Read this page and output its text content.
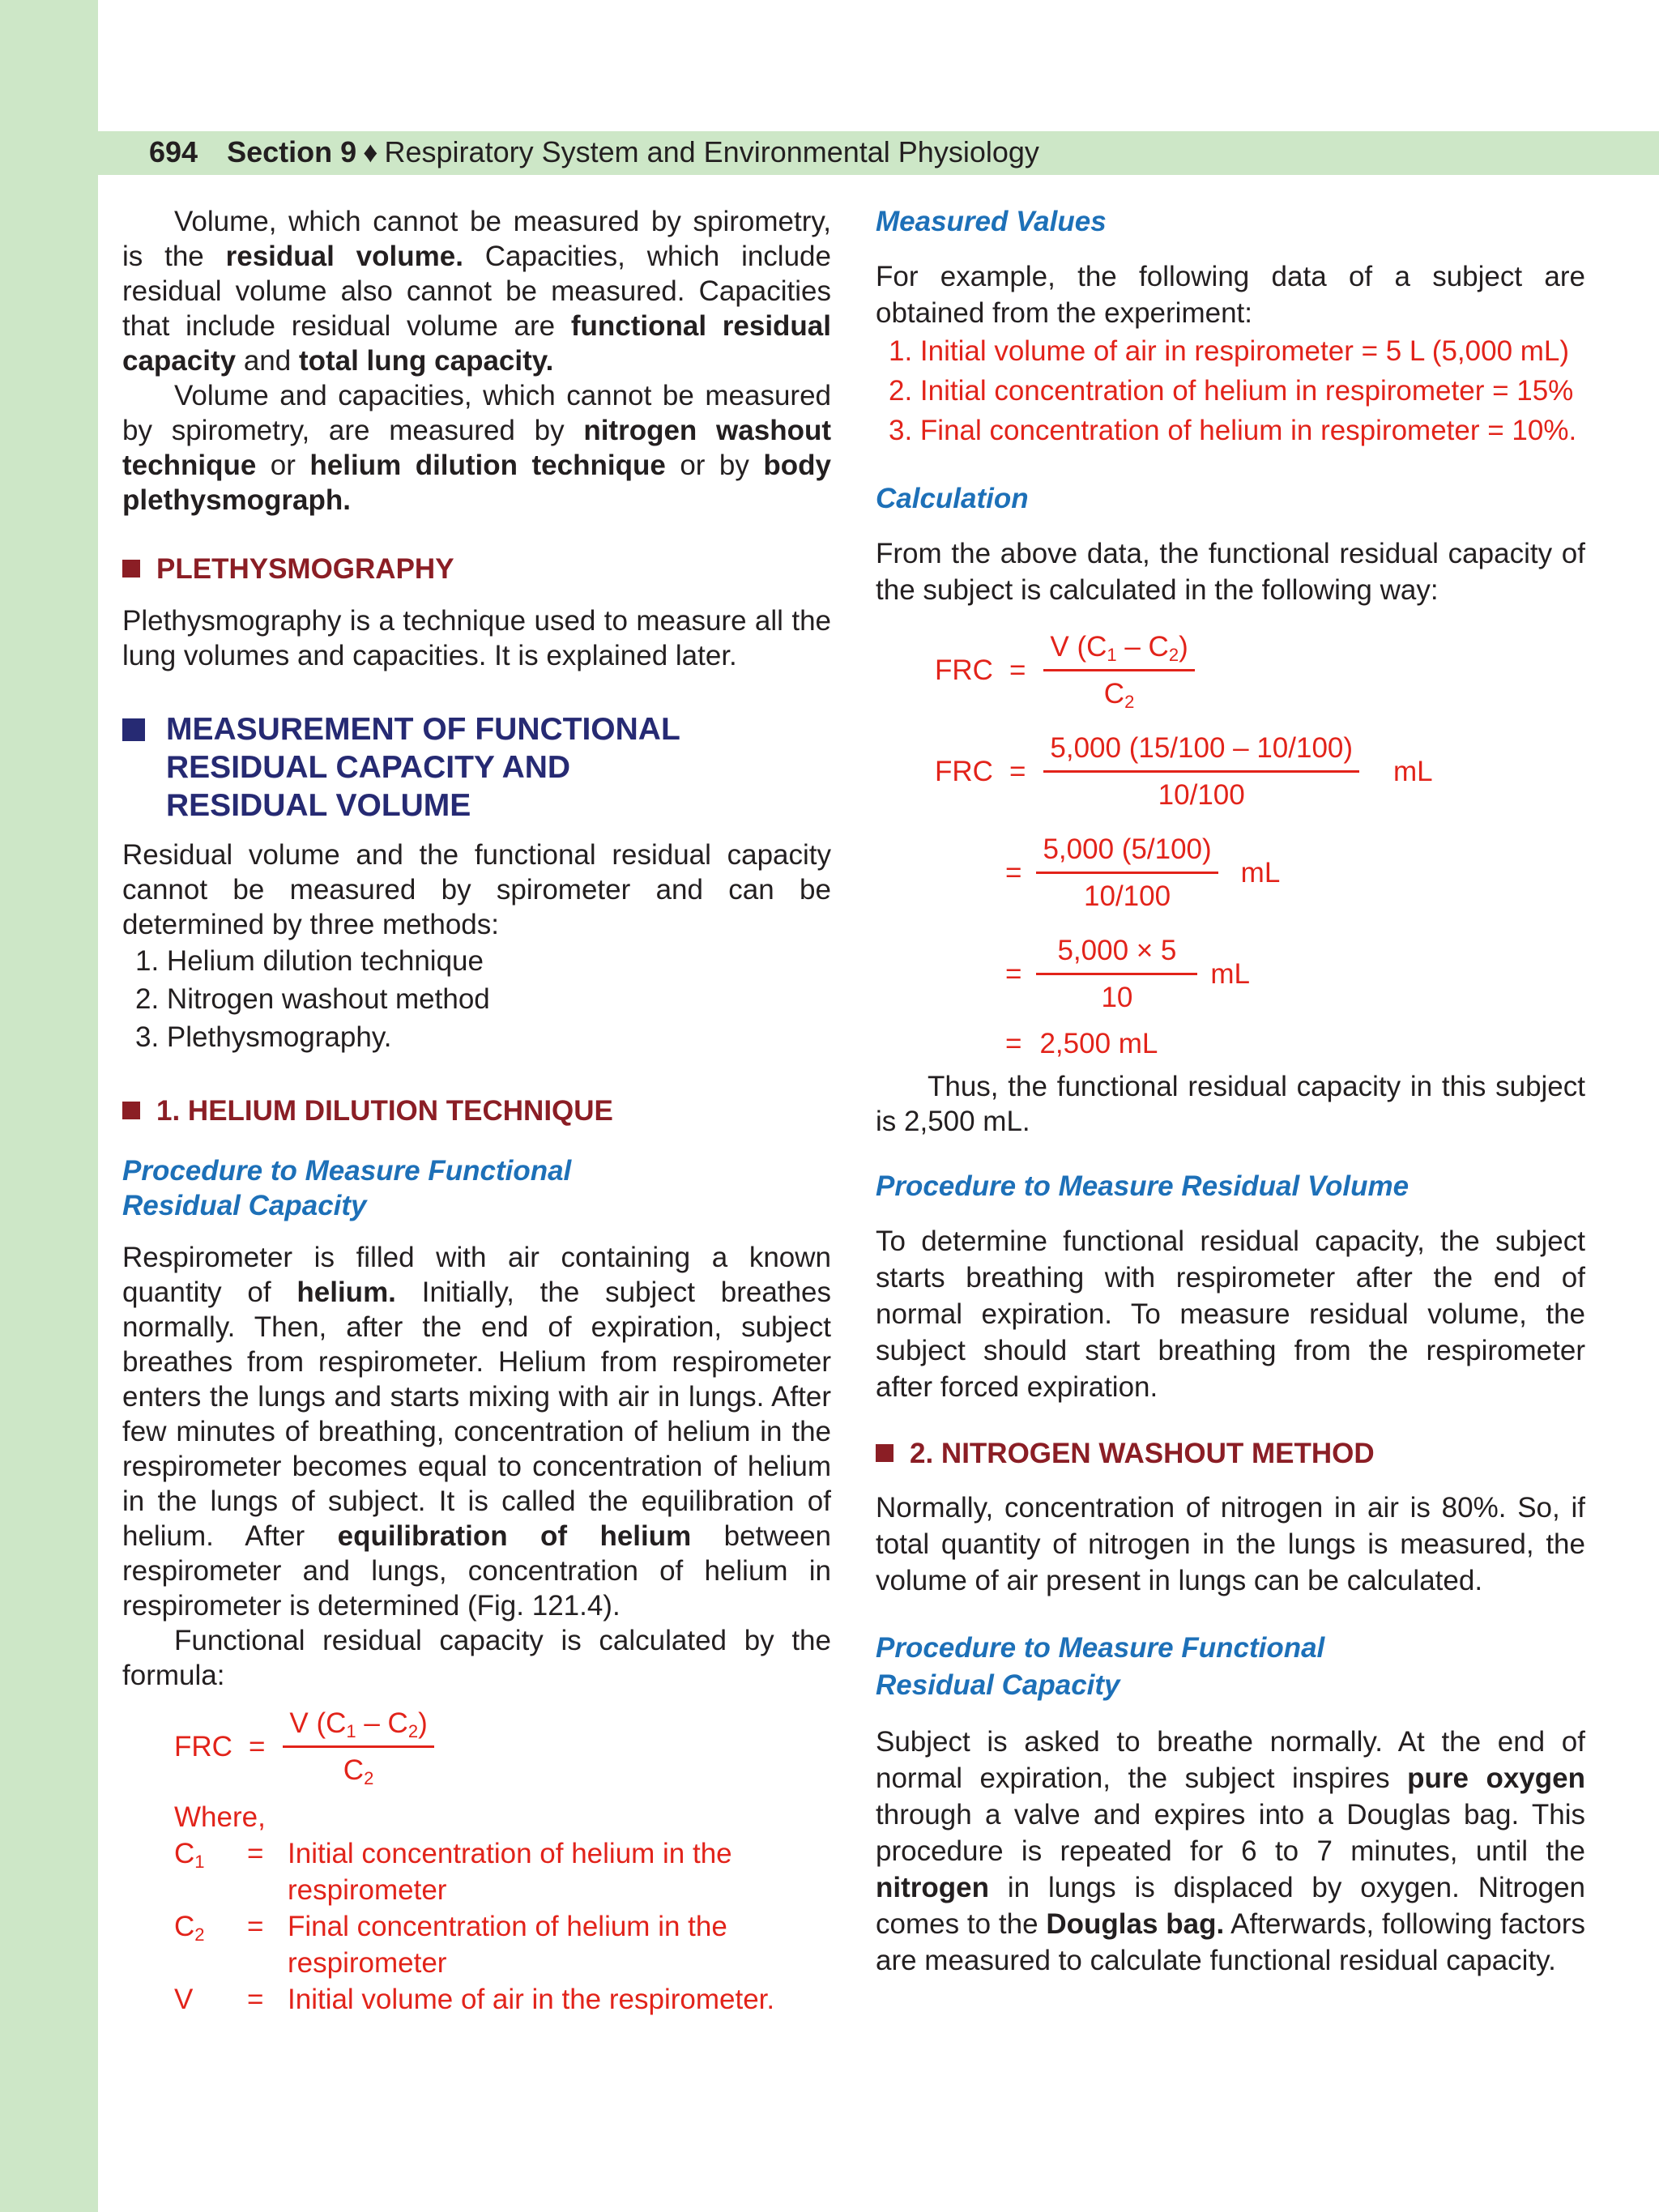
694 Section 9 ♦ Respiratory System and Environmental Physiology

Volume, which cannot be measured by spirometry, is the residual volume. Capacities, which include residual volume also cannot be measured. Capacities that include residual volume are functional residual capacity and total lung capacity.

Volume and capacities, which cannot be measured by spirometry, are measured by nitrogen washout technique or helium dilution technique or by body plethysmograph.

PLETHYSMOGRAPHY

Plethysmography is a technique used to measure all the lung volumes and capacities. It is explained later.

MEASUREMENT OF FUNCTIONAL
RESIDUAL CAPACITY AND
RESIDUAL VOLUME

Residual volume and the functional residual capacity cannot be measured by spirometer and can be determined by three methods:

1. Helium dilution technique
2. Nitrogen washout method
3. Plethysmography.
1. HELIUM DILUTION TECHNIQUE
Procedure to Measure Functional
Residual Capacity

Respirometer is filled with air containing a known quantity of helium. Initially, the subject breathes normally. Then, after the end of expiration, subject breathes from respirometer. Helium from respirometer enters the lungs and starts mixing with air in lungs. After few minutes of breathing, concentration of helium in the respirometer becomes equal to concentration of helium in the lungs of subject. It is called the equilibration of helium. After equilibration of helium between respirometer and lungs, concentration of helium in respirometer is determined (Fig. 121.4).

Functional residual capacity is calculated by the formula:

FRC = $\frac{V (C_1 - C_2)}{C_2}$
Where,
$C_1$	= Initial concentration of helium in the
respirometer
$C_2$	= Final concentration of helium in the
respirometer
V	= Initial volume of air in the respirometer.
Measured Values

For example, the following data of a subject are obtained from the experiment:

1. Initial volume of air in respirometer = 5 L (5,000 mL)
2. Initial concentration of helium in respirometer = 15%
3. Final concentration of helium in respirometer = 10%.
Calculation

From the above data, the functional residual capacity of the subject is calculated in the following way:

FRC = $\frac{V (C_1 - C_2)}{C_2}$
FRC = $\frac{5,000 (15/100 - 10/100)}{10/100}$ mL
= $\frac{5,000 (5/100)}{10/100}$ mL
= $\frac{5,000 \times 5}{10}$ mL
= 2,500 mL

Thus, the functional residual capacity in this subject is 2,500 mL.

Procedure to Measure Residual Volume

To determine functional residual capacity, the subject starts breathing with respirometer after the end of normal expiration. To measure residual volume, the subject should start breathing from the respirometer after forced expiration.

2. NITROGEN WASHOUT METHOD

Normally, concentration of nitrogen in air is 80%. So, if total quantity of nitrogen in the lungs is measured, the volume of air present in lungs can be calculated.

Procedure to Measure Functional
Residual Capacity

Subject is asked to breathe normally. At the end of normal expiration, the subject inspires pure oxygen through a valve and expires into a Douglas bag. This procedure is repeated for 6 to 7 minutes, until the nitrogen in lungs is displaced by oxygen. Nitrogen comes to the Douglas bag. Afterwards, following factors are measured to calculate functional residual capacity.
